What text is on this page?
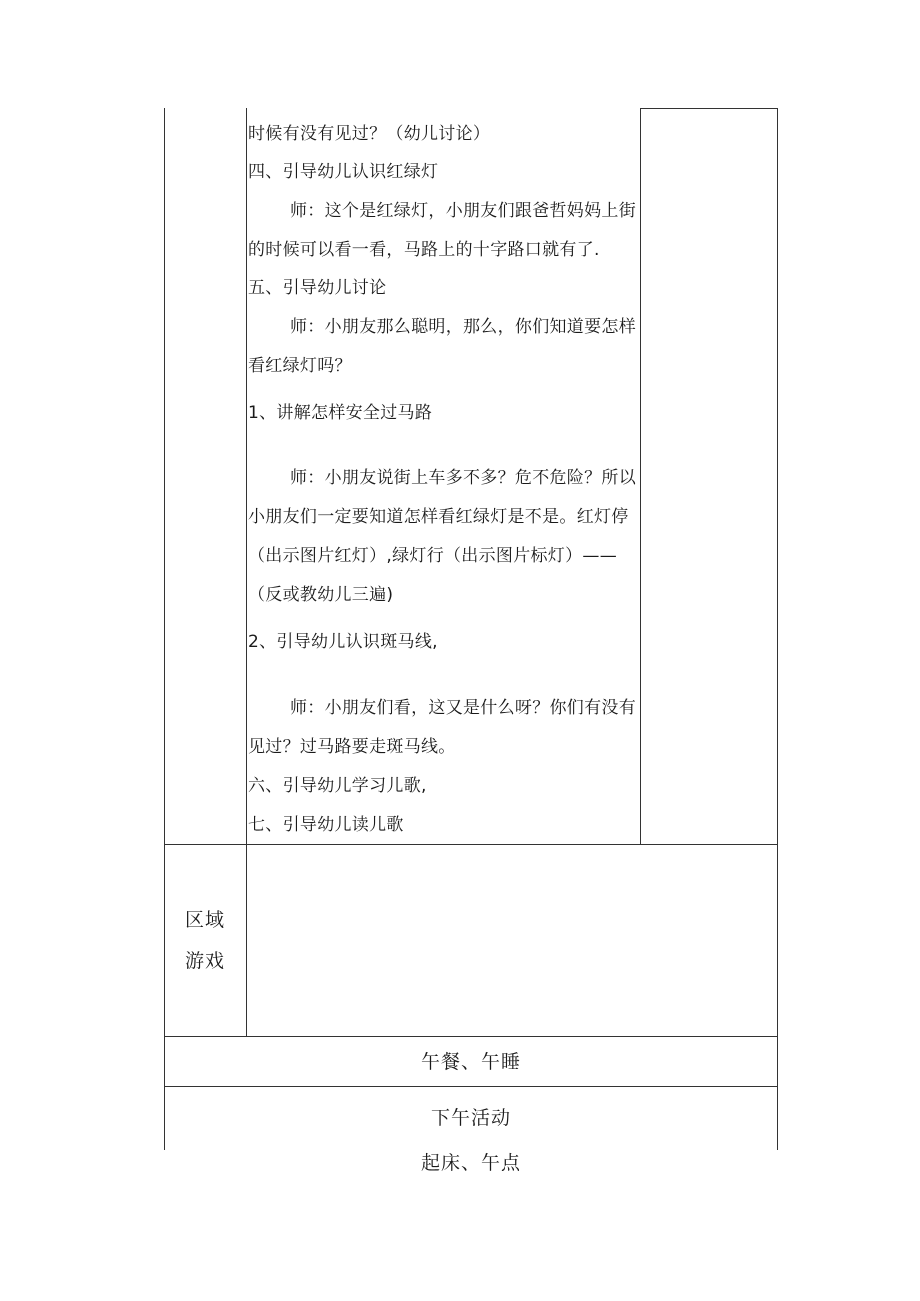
时候有没有见过？（幼儿讨论）
四、引导幼儿认识红绿灯
师：这个是红绿灯，小朋友们跟爸哲妈妈上街
的时候可以看一看，马路上的十字路口就有了.
五、引导幼儿讨论
师：小朋友那么聪明，那么，你们知道要怎样
看红绿灯吗？
1、讲解怎样安全过马路
师：小朋友说街上车多不多？危不危险？所以
小朋友们一定要知道怎样看红绿灯是不是。红灯停
（出示图片红灯）,绿灯行（出示图片标灯）——
（反或教幼儿三遍)
2、引导幼儿认识斑马线,
师：小朋友们看，这又是什么呀？你们有没有
见过？过马路要走斑马线。
六、引导幼儿学习儿歌,
七、引导幼儿读儿歌
区域
游戏
午餐、午睡
下午活动
起床、午点
